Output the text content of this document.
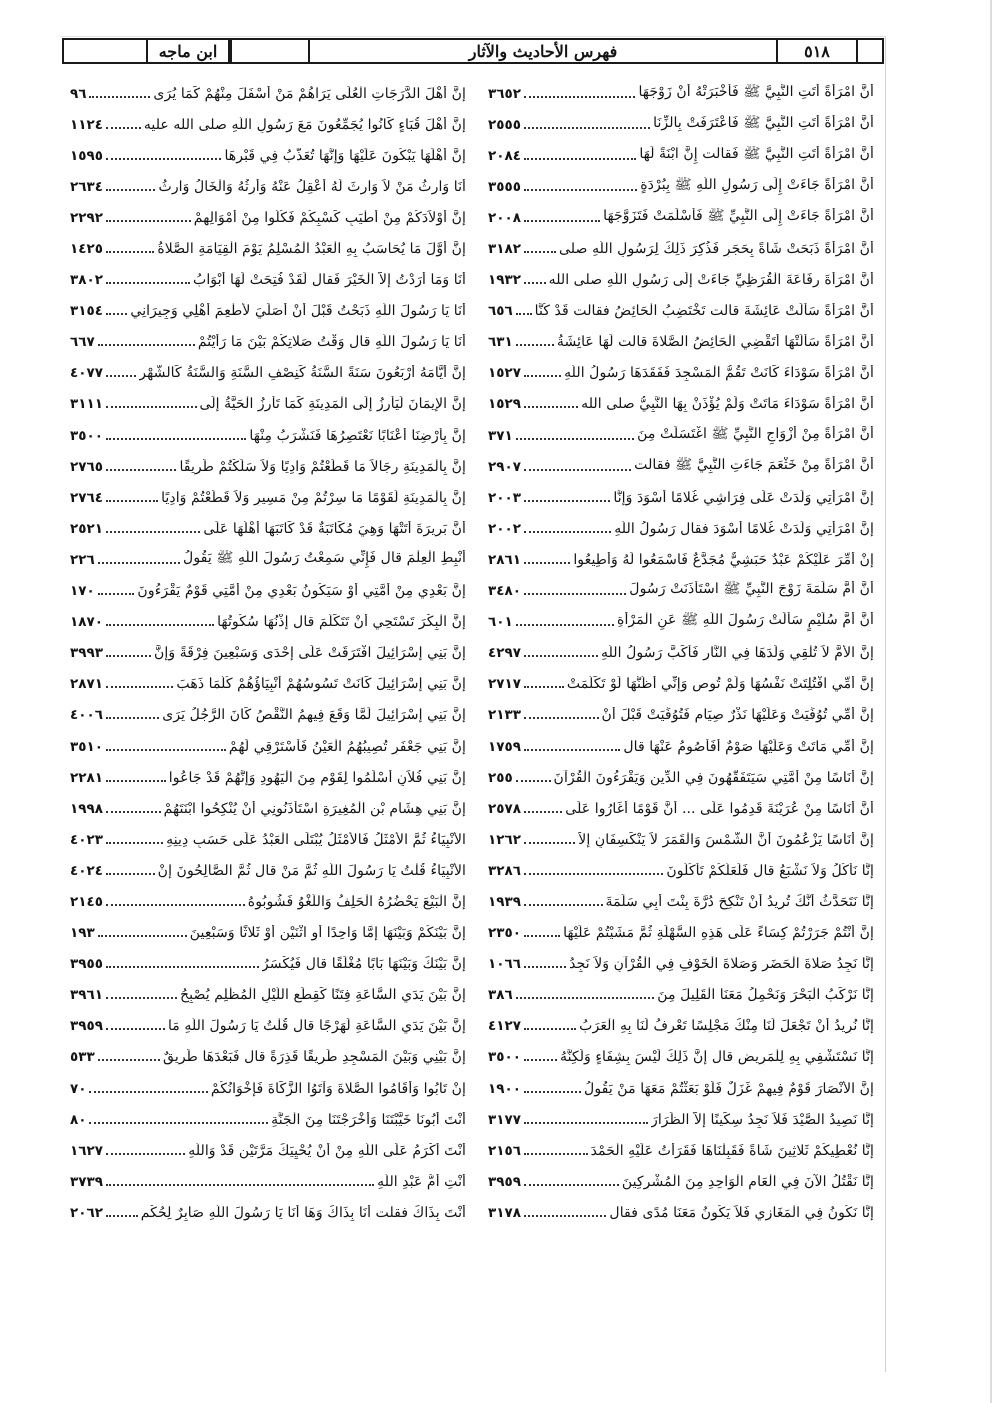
٥١٨
فهرس الأحاديث والآثار
ابن ماجه
أنَّ امْرَأَةً أَتَتِ النَّبِيَّ ﷺ فَأَخْبَرَتْهُ أَنْ زَوْجَهَا
٣٦٥٢
أنَّ امْرَأَةً أَتَتِ النَّبِيَّ ﷺ فَاعْتَرَفَتْ بِالزِّنَا
٢٥٥٥
أنَّ امْرَأَةً أَتَتِ النَّبِيَّ ﷺ فَقالت إِنَّ ابْنَةً لَهَا
٢٠٨٤
أنَّ امْرَأَةً جَاءَتْ إِلَى رَسُولِ اللَّهِ ﷺ بِبُرْدَةٍ
٣٥٥٥
أنَّ امْرَأَةً جَاءَتْ إِلَى النَّبِيِّ ﷺ فَأَسْلَمَتْ فَتَزَوَّجَهَا
٢٠٠٨
أنَّ امْرَأَةً ذَبَحَتْ شَاةً بِحَجَرٍ فَذُكِرَ ذَلِكَ لِرَسُولِ اللَّهِ صلى
٣١٨٢
أنَّ امْرَأَةَ رِفَاعَةَ الْقُرَظِيِّ جَاءَتْ إِلَى رَسُولِ اللَّهِ صلى الله
١٩٣٢
أنَّ امْرَأَةً سَأَلَتْ عَائِشَةَ قالت تَخْتَضِبُ الْحَائِضُ فقالت قَدْ كُنَّا
٦٥٦
أنَّ امْرَأَةً سَأَلَتْهَا أَتَقْضِي الْحَائِضُ الصَّلاةَ قالت لَهَا عَائِشَةُ
٦٣١
أنَّ امْرَأَةً سَوْدَاءَ كَانَتْ تَقُمُّ الْمَسْجِدَ فَفَقَدَهَا رَسُولُ اللَّهِ
١٥٢٧
أنَّ امْرَأَةً سَوْدَاءَ مَاتَتْ وَلَمْ يُؤْذَنْ بِهَا النَّبِيُّ صلى الله
١٥٢٩
أنَّ امْرَأَةً مِنْ أَزْوَاجِ النَّبِيِّ ﷺ اغْتَسَلَتْ مِنَ
٣٧١
أنَّ امْرَأَةً مِنْ خَثْعَمَ جَاءَتِ النَّبِيَّ ﷺ فقالت
٢٩٠٧
إِنَّ امْرَأَتِي وَلَدَتْ عَلَى فِرَاشِي غُلامًا أَسْوَدَ وَإِنَّا
٢٠٠٣
إِنَّ امْرَأَتِي وَلَدَتْ غُلامًا أَسْوَدَ فقال رَسُولُ اللَّهِ
٢٠٠٢
إِنْ أُمِّرَ عَلَيْكُمْ عَبْدٌ حَبَشِيٌّ مُجَدَّعٌ فَاسْمَعُوا لَهُ وَأَطِيعُوا
٢٨٦١
أنَّ أُمَّ سَلَمَةَ زَوْجَ النَّبِيِّ ﷺ اسْتَأْذَنَتْ رَسُولَ
٣٤٨٠
أنَّ أُمَّ سُلَيْمٍ سَأَلَتْ رَسُولَ اللَّهِ ﷺ عَنِ الْمَرْأَةِ
٦٠١
إِنَّ الأُمَّ لاَ تُلْقِي وَلَدَهَا فِي النَّارِ فَأَكَبَّ رَسُولُ اللَّهِ
٤٢٩٧
إِنَّ أُمِّي افْتُلِتَتْ نَفْسُهَا وَلَمْ تُوصِ وَإِنِّي أَظُنُّهَا لَوْ تَكَلَّمَتْ
٢٧١٧
إِنَّ أُمِّي تُوُفِّيَتْ وَعَلَيْهَا نَذْرٌ صِيَامٍ فَتُوُفِّيَتْ قَبْلَ أَنْ
٢١٣٣
إِنَّ أُمِّي مَاتَتْ وَعَلَيْهَا صَوْمٌ أَفَأَصُومُ عَنْهَا قال
١٧٥٩
إِنَّ أُنَاسًا مِنْ أُمَّتِي سَيَتَفَقَّهُونَ فِي الدِّينِ وَيَقْرَءُونَ الْقُرْآنَ
٢٥٥
أنَّ أُنَاسًا مِنْ عُرَيْنَةَ قَدِمُوا عَلَى ... أَنَّ قَوْمًا أَغَارُوا عَلَى
٢٥٧٨
إِنَّ أُنَاسًا يَزْعُمُونَ أَنَّ الشَّمْسَ وَالْقَمَرَ لاَ يَنْكَسِفَانِ إِلاَّ
١٢٦٢
إِنَّا نَأْكُلُ وَلاَ نَشْبَعُ قال فَلَعَلَّكُمْ تَأْكُلُونَ
٣٢٨٦
إِنَّا نَتَحَدَّثُ أَنَّكَ تُرِيدُ أَنْ تَنْكِحَ دُرَّةَ بِنْتَ أَبِي سَلَمَةَ
١٩٣٩
إِنَّ أَنْتُمْ جَرَرْتُمْ كِسَاءً عَلَى هَذِهِ السَّهْلَةِ ثُمَّ مَشَيْتُمْ عَلَيْهَا
٢٣٥٠
إِنَّا نَجِدُ صَلاةَ الْحَضَرِ وَصَلاةَ الْخَوْفِ فِي الْقُرْآنِ وَلاَ نَجِدُ
١٠٦٦
إِنَّا نَرْكَبُ الْبَحْرَ وَنَحْمِلُ مَعَنَا الْقَلِيلَ مِنَ
٣٨٦
إِنَّا نُرِيدُ أَنْ تَجْعَلَ لَنَا مِنْكَ مَجْلِسًا تَعْرِفُ لَنَا بِهِ الْعَرَبُ
٤١٢٧
إِنَّا نَسْتَشْفِي بِهِ لِلْمَرِيضِ قال إِنَّ ذَلِكَ لَيْسَ بِشِفَاءٍ وَلَكِنَّهُ
٣٥٠٠
إِنَّ الأَنْصَارَ قَوْمٌ فِيهِمْ غَزَلٌ فَلَوْ بَعَثْتُمْ مَعَهَا مَنْ يَقُولُ
١٩٠٠
إِنَّا نَصِيدُ الصَّيْدَ فَلاَ نَجِدُ سِكِّينًا إِلاَّ الظِّرَارَ
٣١٧٧
إِنَّا نُعْطِيكُمْ ثَلاثِينَ شَاةً فَقَبِلْنَاهَا فَقَرَأْتُ عَلَيْهِ الْحَمْدَ
٢١٥٦
إِنَّا نَقْتُلُ الآنَ فِي الْعَامِ الْوَاحِدِ مِنَ الْمُشْرِكِينَ
٣٩٥٩
إِنَّا نَكُونُ فِي الْمَغَازِي فَلاَ يَكُونُ مَعَنَا مُدًى فقال
٣١٧٨
إِنَّ أَهْلَ الدَّرَجَاتِ الْعُلَى يَرَاهُمْ مَنْ أَسْفَلَ مِنْهُمْ كَمَا يُرَى
٩٦
إِنَّ أَهْلَ قُبَاءٍ كَانُوا يُجَمِّعُونَ مَعَ رَسُولِ اللَّهِ صلى الله عليه
١١٢٤
إِنَّ أَهْلَهَا يَبْكُونَ عَلَيْهَا وَإِنَّهَا تُعَذَّبُ فِي قَبْرِهَا
١٥٩٥
أَنَا وَارِثُ مَنْ لاَ وَارِثَ لَهُ أَعْقِلُ عَنْهُ وَأَرِثُهُ وَالْخَالُ وَارِثُ
٢٦٣٤
إِنَّ أَوْلاَدَكُمْ مِنْ أَطْيَبِ كَسْبِكُمْ فَكُلُوا مِنْ أَمْوَالِهِمْ
٢٢٩٢
إِنَّ أَوَّلَ مَا يُحَاسَبُ بِهِ الْعَبْدُ الْمُسْلِمُ يَوْمَ الْقِيَامَةِ الصَّلاةُ
١٤٢٥
أَنَا وَمَا أَرَدْتُ إِلاَّ الْخَيْرَ فَقال لَقَدْ فُتِحَتْ لَهَا أَبْوَابُ
٣٨٠٢
أَنَا يَا رَسُولَ اللَّهِ ذَبَحْتُ قَبْلَ أَنْ أُصَلِّيَ لأُطْعِمَ أَهْلِي وَجِيرَانِي
٣١٥٤
أَنَا يَا رَسُولَ اللَّهِ قال وَقْتُ صَلاتِكُمْ بَيْنَ مَا رَأَيْتُمْ
٦٦٧
إِنَّ أَيَّامَهُ أَرْبَعُونَ سَنَةً السَّنَةُ كَنِصْفِ السَّنَةِ وَالسَّنَةُ كَالشَّهْرِ
٤٠٧٧
إِنَّ الإِيمَانَ لَيَأْرِزُ إِلَى الْمَدِينَةِ كَمَا تَأْرِزُ الْحَيَّةُ إِلَى
٣١١١
إِنَّ بِأَرْضِنَا أَعْنَابًا نَعْتَصِرُهَا فَنَشْرَبُ مِنْهَا
٣٥٠٠
إِنَّ بِالْمَدِينَةِ رِجَالاً مَا قَطَعْتُمْ وَادِيًا وَلاَ سَلَكْتُمْ طَرِيقًا
٢٧٦٥
إِنَّ بِالْمَدِينَةِ لَقَوْمًا مَا سِرْتُمْ مِنْ مَسِيرٍ وَلاَ قَطَعْتُمْ وَادِيًا
٢٧٦٤
أَنَّ بَرِيرَةَ أَتَتْهَا وَهِيَ مُكَاتَبَةٌ قَدْ كَاتَبَهَا أَهْلُهَا عَلَى
٢٥٢١
أَنْبِطِ الْعِلْمَ قال فَإِنِّي سَمِعْتُ رَسُولَ اللَّهِ ﷺ يَقُولُ
٢٢٦
إِنَّ بَعْدِي مِنْ أُمَّتِي أَوْ سَيَكُونُ بَعْدِي مِنْ أُمَّتِي قَوْمٌ يَقْرَءُونَ
١٧٠
إِنَّ الْبِكْرَ تَسْتَحِي أَنْ تَتَكَلَّمَ قال إِذْنُهَا سُكُوتُهَا
١٨٧٠
إِنَّ بَنِي إِسْرَائِيلَ افْتَرَقَتْ عَلَى إِحْدَى وَسَبْعِينَ فِرْقَةً وَإِنَّ
٣٩٩٣
إِنَّ بَنِي إِسْرَائِيلَ كَانَتْ تَسُوسُهُمْ أَنْبِيَاؤُهُمْ كُلَّمَا ذَهَبَ
٢٨٧١
إِنَّ بَنِي إِسْرَائِيلَ لَمَّا وَقَعَ فِيهِمُ النَّقْصُ كَانَ الرَّجُلُ يَرَى
٤٠٠٦
إِنَّ بَنِي جَعْفَرٍ تُصِيبُهُمُ الْعَيْنُ فَأَسْتَرْقِي لَهُمْ
٣٥١٠
إِنَّ بَنِي فُلاَنٍ أَسْلَمُوا لِقَوْمٍ مِنَ الْيَهُودِ وَإِنَّهُمْ قَدْ جَاعُوا
٢٢٨١
إِنَّ بَنِي هِشَامِ بْنِ الْمُغِيرَةِ اسْتَأْذَنُونِي أَنْ يُنْكِحُوا ابْنَتَهُمْ
١٩٩٨
الأَنْبِيَاءُ ثُمَّ الأَمْثَلُ فَالأَمْثَلُ يُبْتَلَى الْعَبْدُ عَلَى حَسَبِ دِينِهِ
٤٠٢٣
الأَنْبِيَاءُ قُلْتُ يَا رَسُولَ اللَّهِ ثُمَّ مَنْ قال ثُمَّ الصَّالِحُونَ إِنْ
٤٠٢٤
إِنَّ الْبَيْعَ يَحْضُرُهُ الْحَلِفُ وَاللَّغْوُ فَشُوبُوهُ
٢١٤٥
إِنَّ بَيْنَكُمْ وَبَيْنَهَا إِمَّا وَاحِدًا أَوِ اثْنَيْنِ أَوْ ثَلاثًا وَسَبْعِينَ
١٩٣
إِنَّ بَيْنَكَ وَبَيْنَهَا بَابًا مُغْلَقًا قال فَيُكْسَرُ
٣٩٥٥
إِنَّ بَيْنَ يَدَيِ السَّاعَةِ فِتَنًا كَقِطَعِ اللَّيْلِ الْمُظْلِمِ يُصْبِحُ
٣٩٦١
إِنَّ بَيْنَ يَدَيِ السَّاعَةِ لَهَرْجًا قال قُلْتُ يَا رَسُولَ اللَّهِ مَا
٣٩٥٩
إِنَّ بَيْنِي وَبَيْنَ الْمَسْجِدِ طَرِيقًا قَذِرَةً قال فَبَعْدَهَا طَرِيقٌ
٥٣٣
إِنْ تَابُوا وَأَقَامُوا الصَّلاةَ وَآتَوُا الزَّكَاةَ فَإِخْوَانُكُمْ
٧٠
أَنْتَ أَبُونَا خَيَّبْتَنَا وَأَخْرَجْتَنَا مِنَ الْجَنَّةِ
٨٠
أَنْتَ أَكْرَمُ عَلَى اللَّهِ مِنْ أَنْ يُحْيِيَكَ مَرَّتَيْنِ قَدْ وَاللَّهِ
١٦٢٧
أَنْتِ أُمُّ عَبْدِ اللَّهِ
٣٧٣٩
أَنْتَ بِذَاكَ فقلت أَنَا بِذَاكَ وَهَا أَنَا يَا رَسُولَ اللَّهِ صَابِرٌ لِحُكْمِ
٢٠٦٢
